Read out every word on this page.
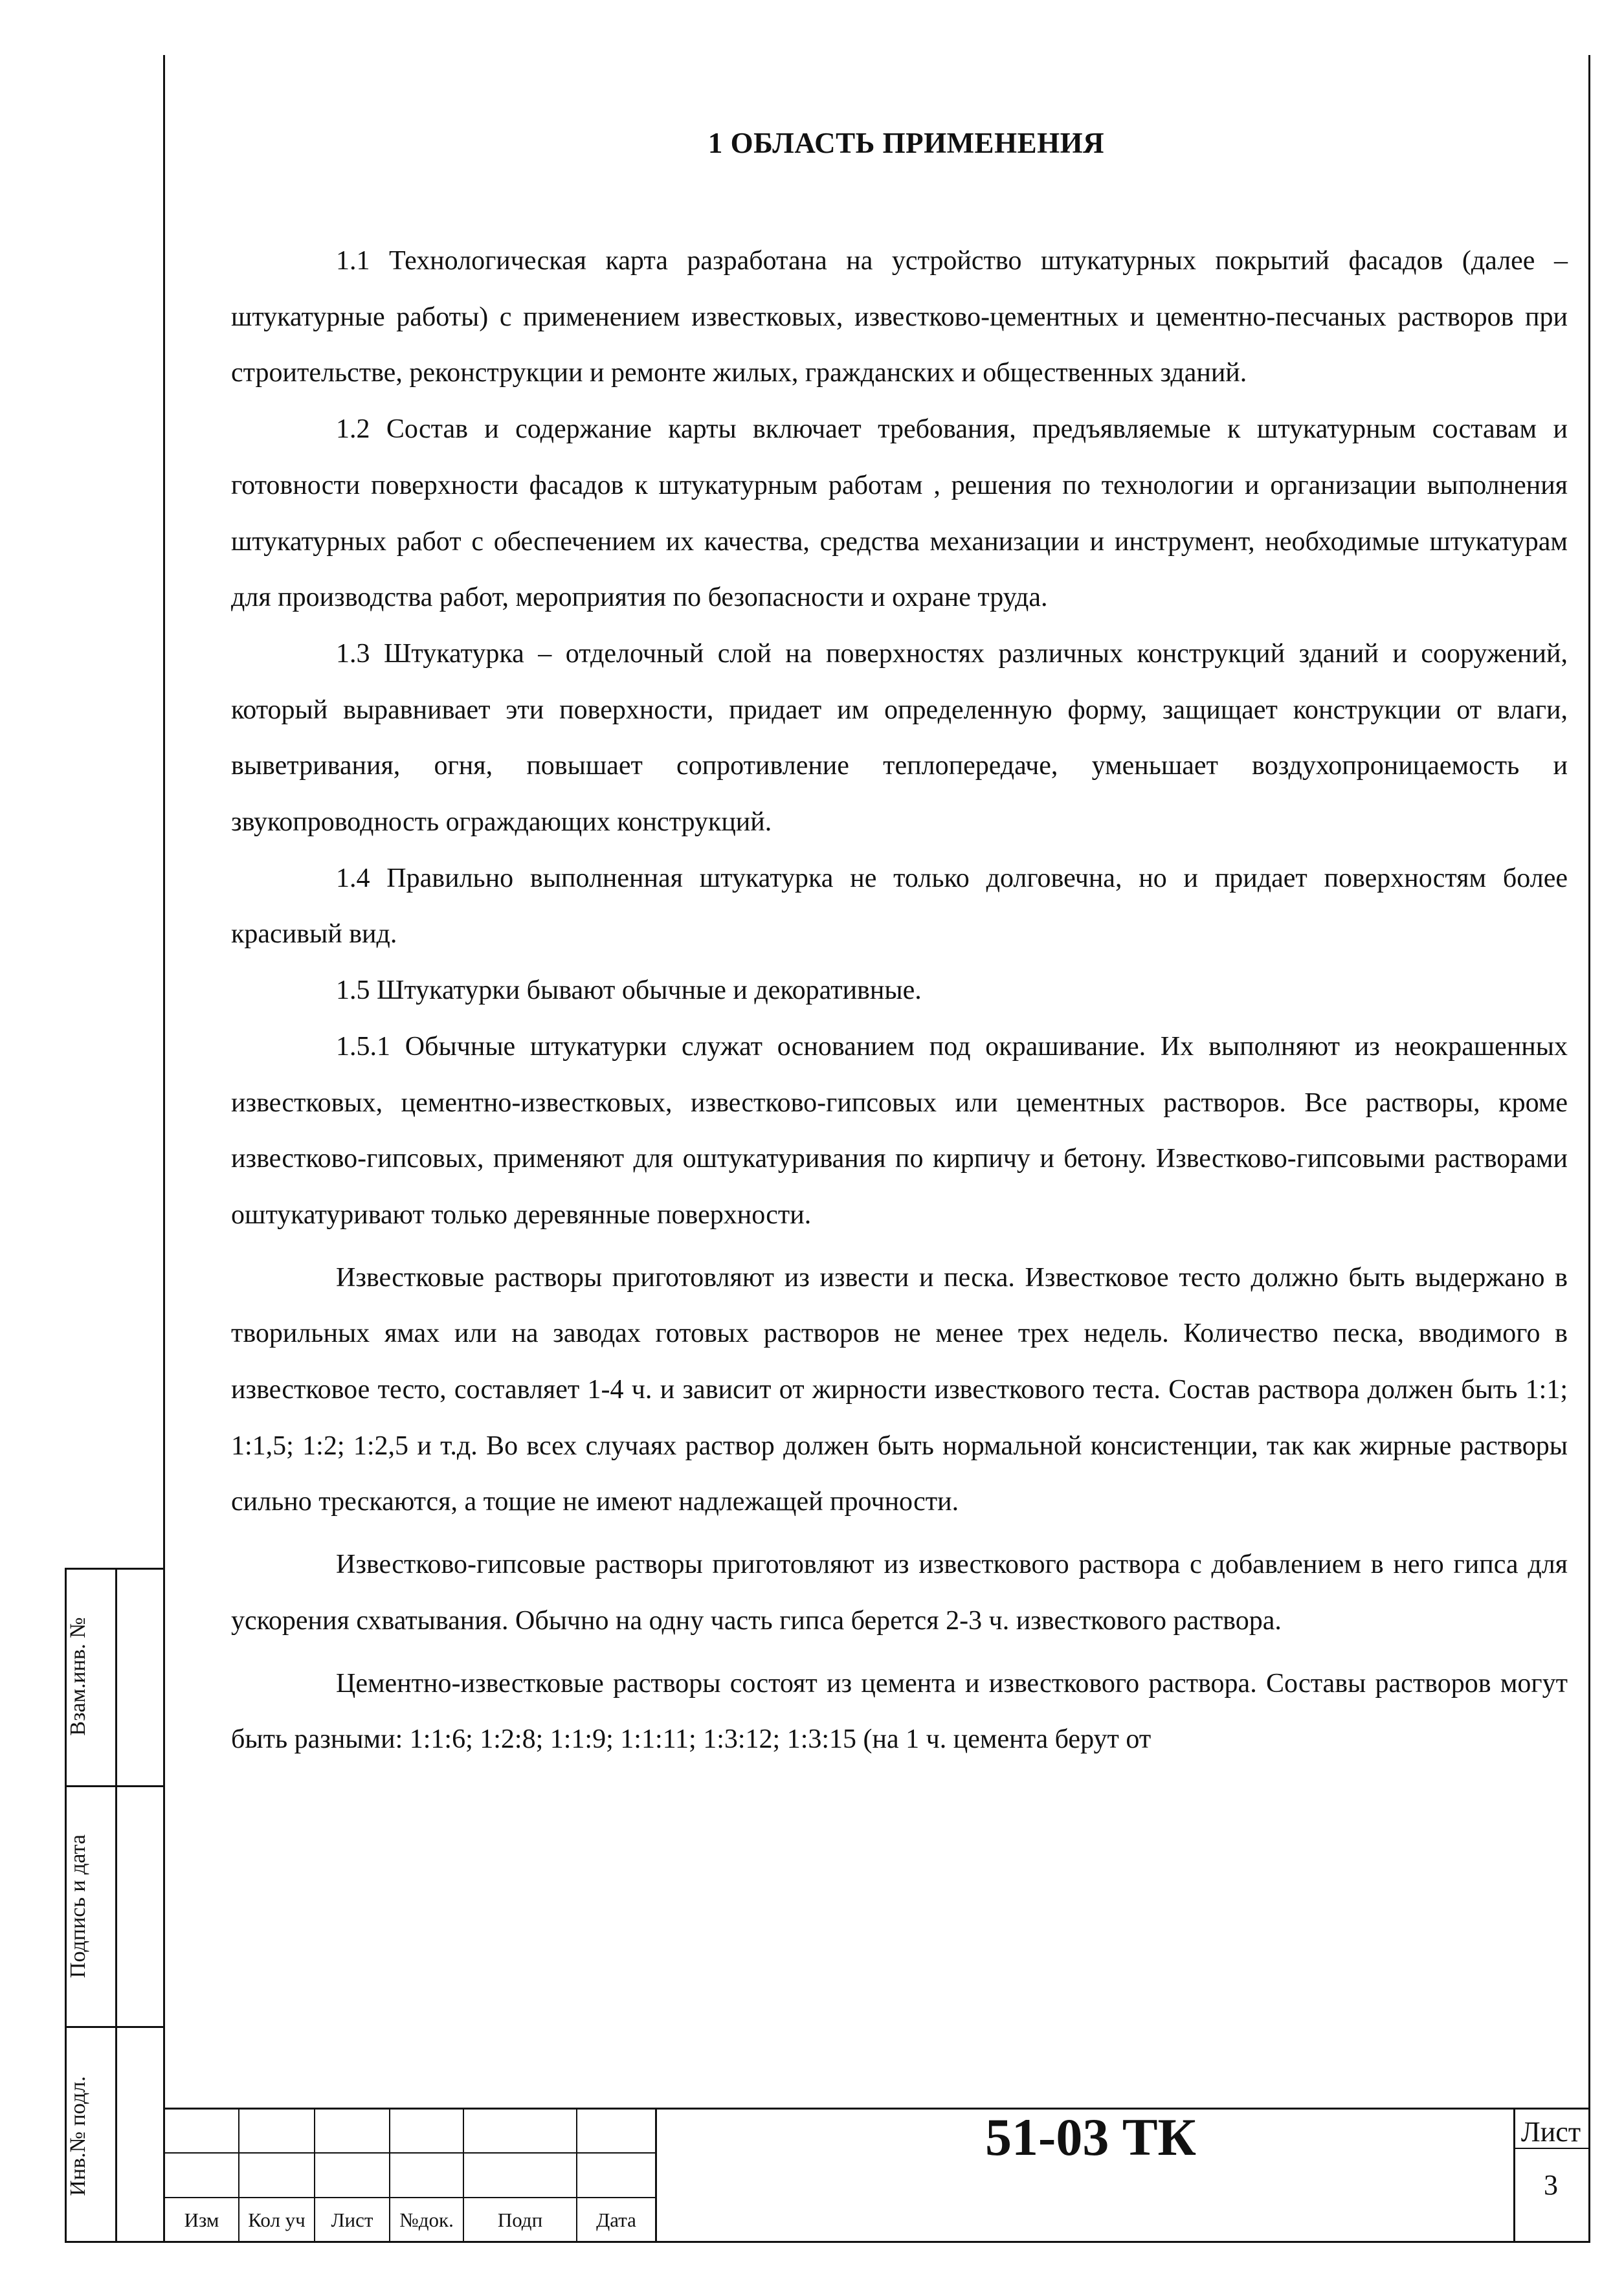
Взам.инв. №
Подпись и дата
Инв.№ подл.
Изм	Кол уч	Лист	№док.	Подп	Дата
51-03 ТК	Лист
3
1 ОБЛАСТЬ ПРИМЕНЕНИЯ

1.1 Технологическая карта разработана на устройство штукатурных покрытий фасадов (далее – штукатурные работы) с применением известковых, известково-цементных и цементно-песчаных растворов при строительстве, реконструкции и ремонте жилых, гражданских и общественных зданий.

1.2 Состав и содержание карты включает требования, предъявляемые к штукатурным составам и готовности поверхности фасадов к штукатурным работам , решения по технологии и организации выполнения штукатурных работ с обеспечением их качества, средства механизации и инструмент, необходимые штукатурам для производства работ, мероприятия по безопасности и охране труда.

1.3 Штукатурка – отделочный слой на поверхностях различных конструкций зданий и сооружений, который выравнивает эти поверхности, придает им определенную форму, защищает конструкции от влаги, выветривания, огня, повышает сопротивление теплопередаче, уменьшает воздухопроницаемость и звукопроводность ограждающих конструкций.

1.4 Правильно выполненная штукатурка не только долговечна, но и придает поверхностям более красивый вид.

1.5 Штукатурки бывают обычные и декоративные.

1.5.1 Обычные штукатурки служат основанием под окрашивание. Их выполняют из неокрашенных известковых, цементно-известковых, известково-гипсовых или цементных растворов. Все растворы, кроме известково-гипсовых, применяют для оштукатуривания по кирпичу и бетону. Известково-гипсовыми растворами оштукатуривают только деревянные поверхности.

Известковые растворы приготовляют из извести и песка. Известковое тесто должно быть выдержано в творильных ямах или на заводах готовых растворов не менее трех недель. Количество песка, вводимого в известковое тесто, составляет 1-4 ч. и зависит от жирности известкового теста. Состав раствора должен быть 1:1; 1:1,5; 1:2; 1:2,5 и т.д. Во всех случаях раствор должен быть нормальной консистенции, так как жирные растворы сильно трескаются, а тощие не имеют надлежащей прочности.

Известково-гипсовые растворы приготовляют из известкового раствора с добавлением в него гипса для ускорения схватывания. Обычно на одну часть гипса берется 2-3 ч. известкового раствора.

Цементно-известковые растворы состоят из цемента и известкового раствора. Составы растворов могут быть разными: 1:1:6; 1:2:8; 1:1:9; 1:1:11; 1:3:12; 1:3:15 (на 1 ч. цемента берут от
